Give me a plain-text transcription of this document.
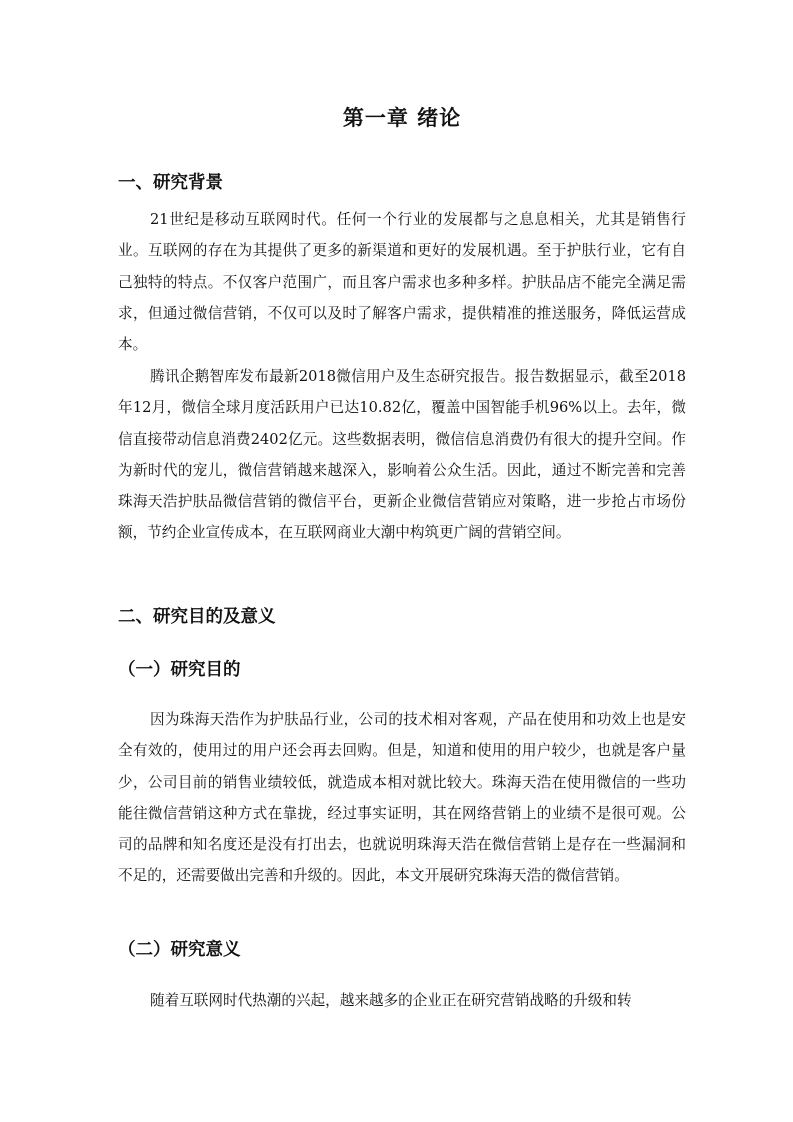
第一章 绪论
一、研究背景

21世纪是移动互联网时代。任何一个行业的发展都与之息息相关，尤其是销售行业。互联网的存在为其提供了更多的新渠道和更好的发展机遇。至于护肤行业，它有自己独特的特点。不仅客户范围广，而且客户需求也多种多样。护肤品店不能完全满足需求，但通过微信营销，不仅可以及时了解客户需求，提供精准的推送服务，降低运营成本。

腾讯企鹅智库发布最新2018微信用户及生态研究报告。报告数据显示，截至2018年12月，微信全球月度活跃用户已达10.82亿，覆盖中国智能手机96%以上。去年，微信直接带动信息消费2402亿元。这些数据表明，微信信息消费仍有很大的提升空间。作为新时代的宠儿，微信营销越来越深入，影响着公众生活。因此，通过不断完善和完善珠海天浩护肤品微信营销的微信平台，更新企业微信营销应对策略，进一步抢占市场份额，节约企业宣传成本，在互联网商业大潮中构筑更广阔的营销空间。

二、研究目的及意义
（一）研究目的

因为珠海天浩作为护肤品行业，公司的技术相对客观，产品在使用和功效上也是安全有效的，使用过的用户还会再去回购。但是，知道和使用的用户较少，也就是客户量少，公司目前的销售业绩较低，就造成本相对就比较大。珠海天浩在使用微信的一些功能往微信营销这种方式在靠拢，经过事实证明，其在网络营销上的业绩不是很可观。公司的品牌和知名度还是没有打出去，也就说明珠海天浩在微信营销上是存在一些漏洞和不足的，还需要做出完善和升级的。因此，本文开展研究珠海天浩的微信营销。

（二）研究意义

随着互联网时代热潮的兴起，越来越多的企业正在研究营销战略的升级和转
